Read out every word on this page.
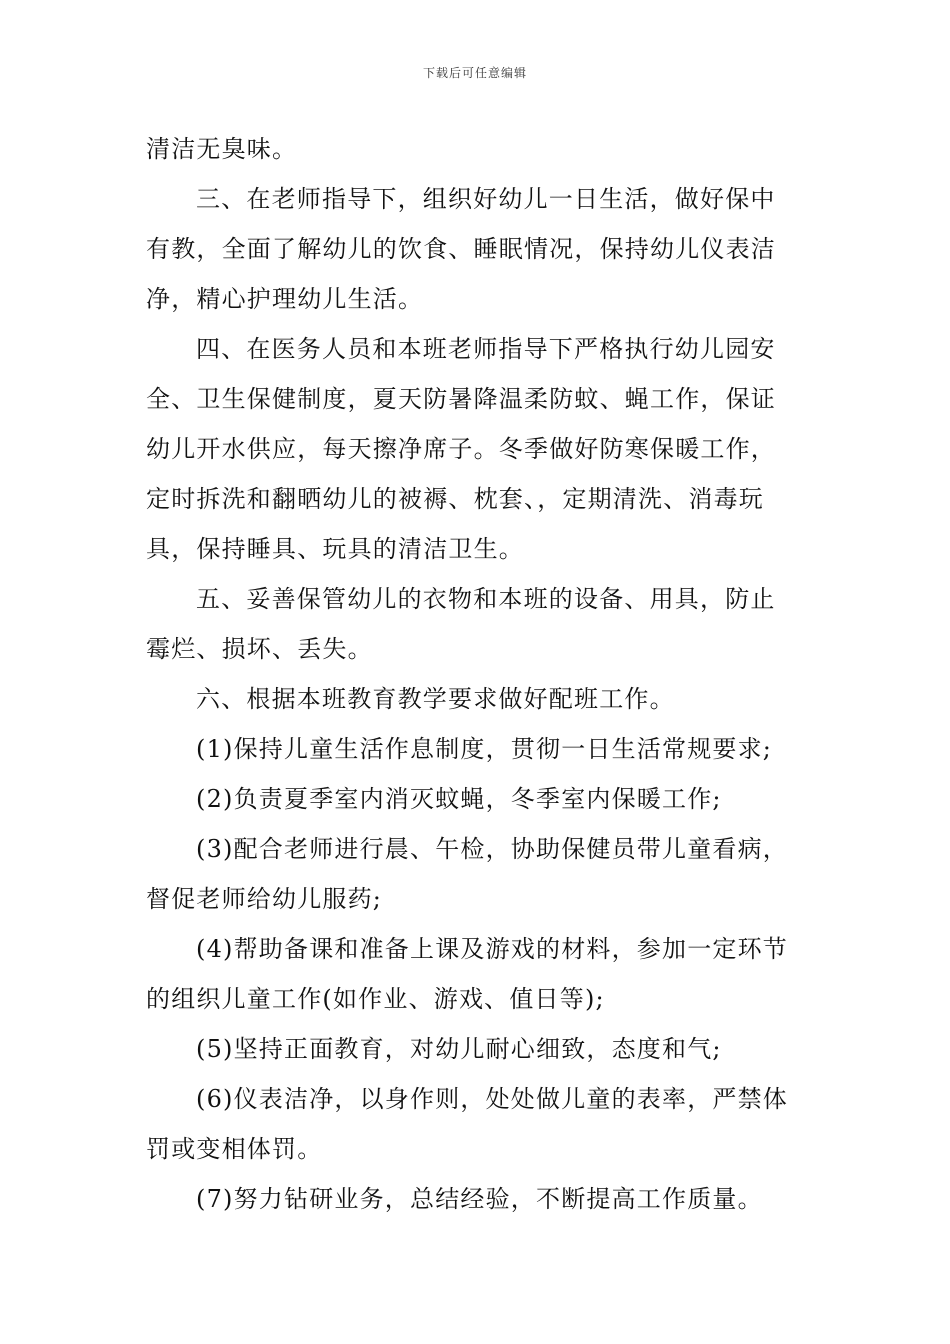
下载后可任意编辑
清洁无臭味。
三、在老师指导下，组织好幼儿一日生活，做好保中
有教，全面了解幼儿的饮食、睡眠情况，保持幼儿仪表洁
净，精心护理幼儿生活。
四、在医务人员和本班老师指导下严格执行幼儿园安
全、卫生保健制度，夏天防暑降温柔防蚊、蝇工作，保证
幼儿开水供应，每天擦净席子。冬季做好防寒保暖工作，
定时拆洗和翻晒幼儿的被褥、枕套、，定期清洗、消毒玩
具，保持睡具、玩具的清洁卫生。
五、妥善保管幼儿的衣物和本班的设备、用具，防止
霉烂、损坏、丢失。
六、根据本班教育教学要求做好配班工作。
(1)保持儿童生活作息制度，贯彻一日生活常规要求;
(2)负责夏季室内消灭蚊蝇，冬季室内保暖工作;
(3)配合老师进行晨、午检，协助保健员带儿童看病，
督促老师给幼儿服药;
(4)帮助备课和准备上课及游戏的材料，参加一定环节
的组织儿童工作(如作业、游戏、值日等);
(5)坚持正面教育，对幼儿耐心细致，态度和气;
(6)仪表洁净，以身作则，处处做儿童的表率，严禁体
罚或变相体罚。
(7)努力钻研业务，总结经验，不断提高工作质量。
